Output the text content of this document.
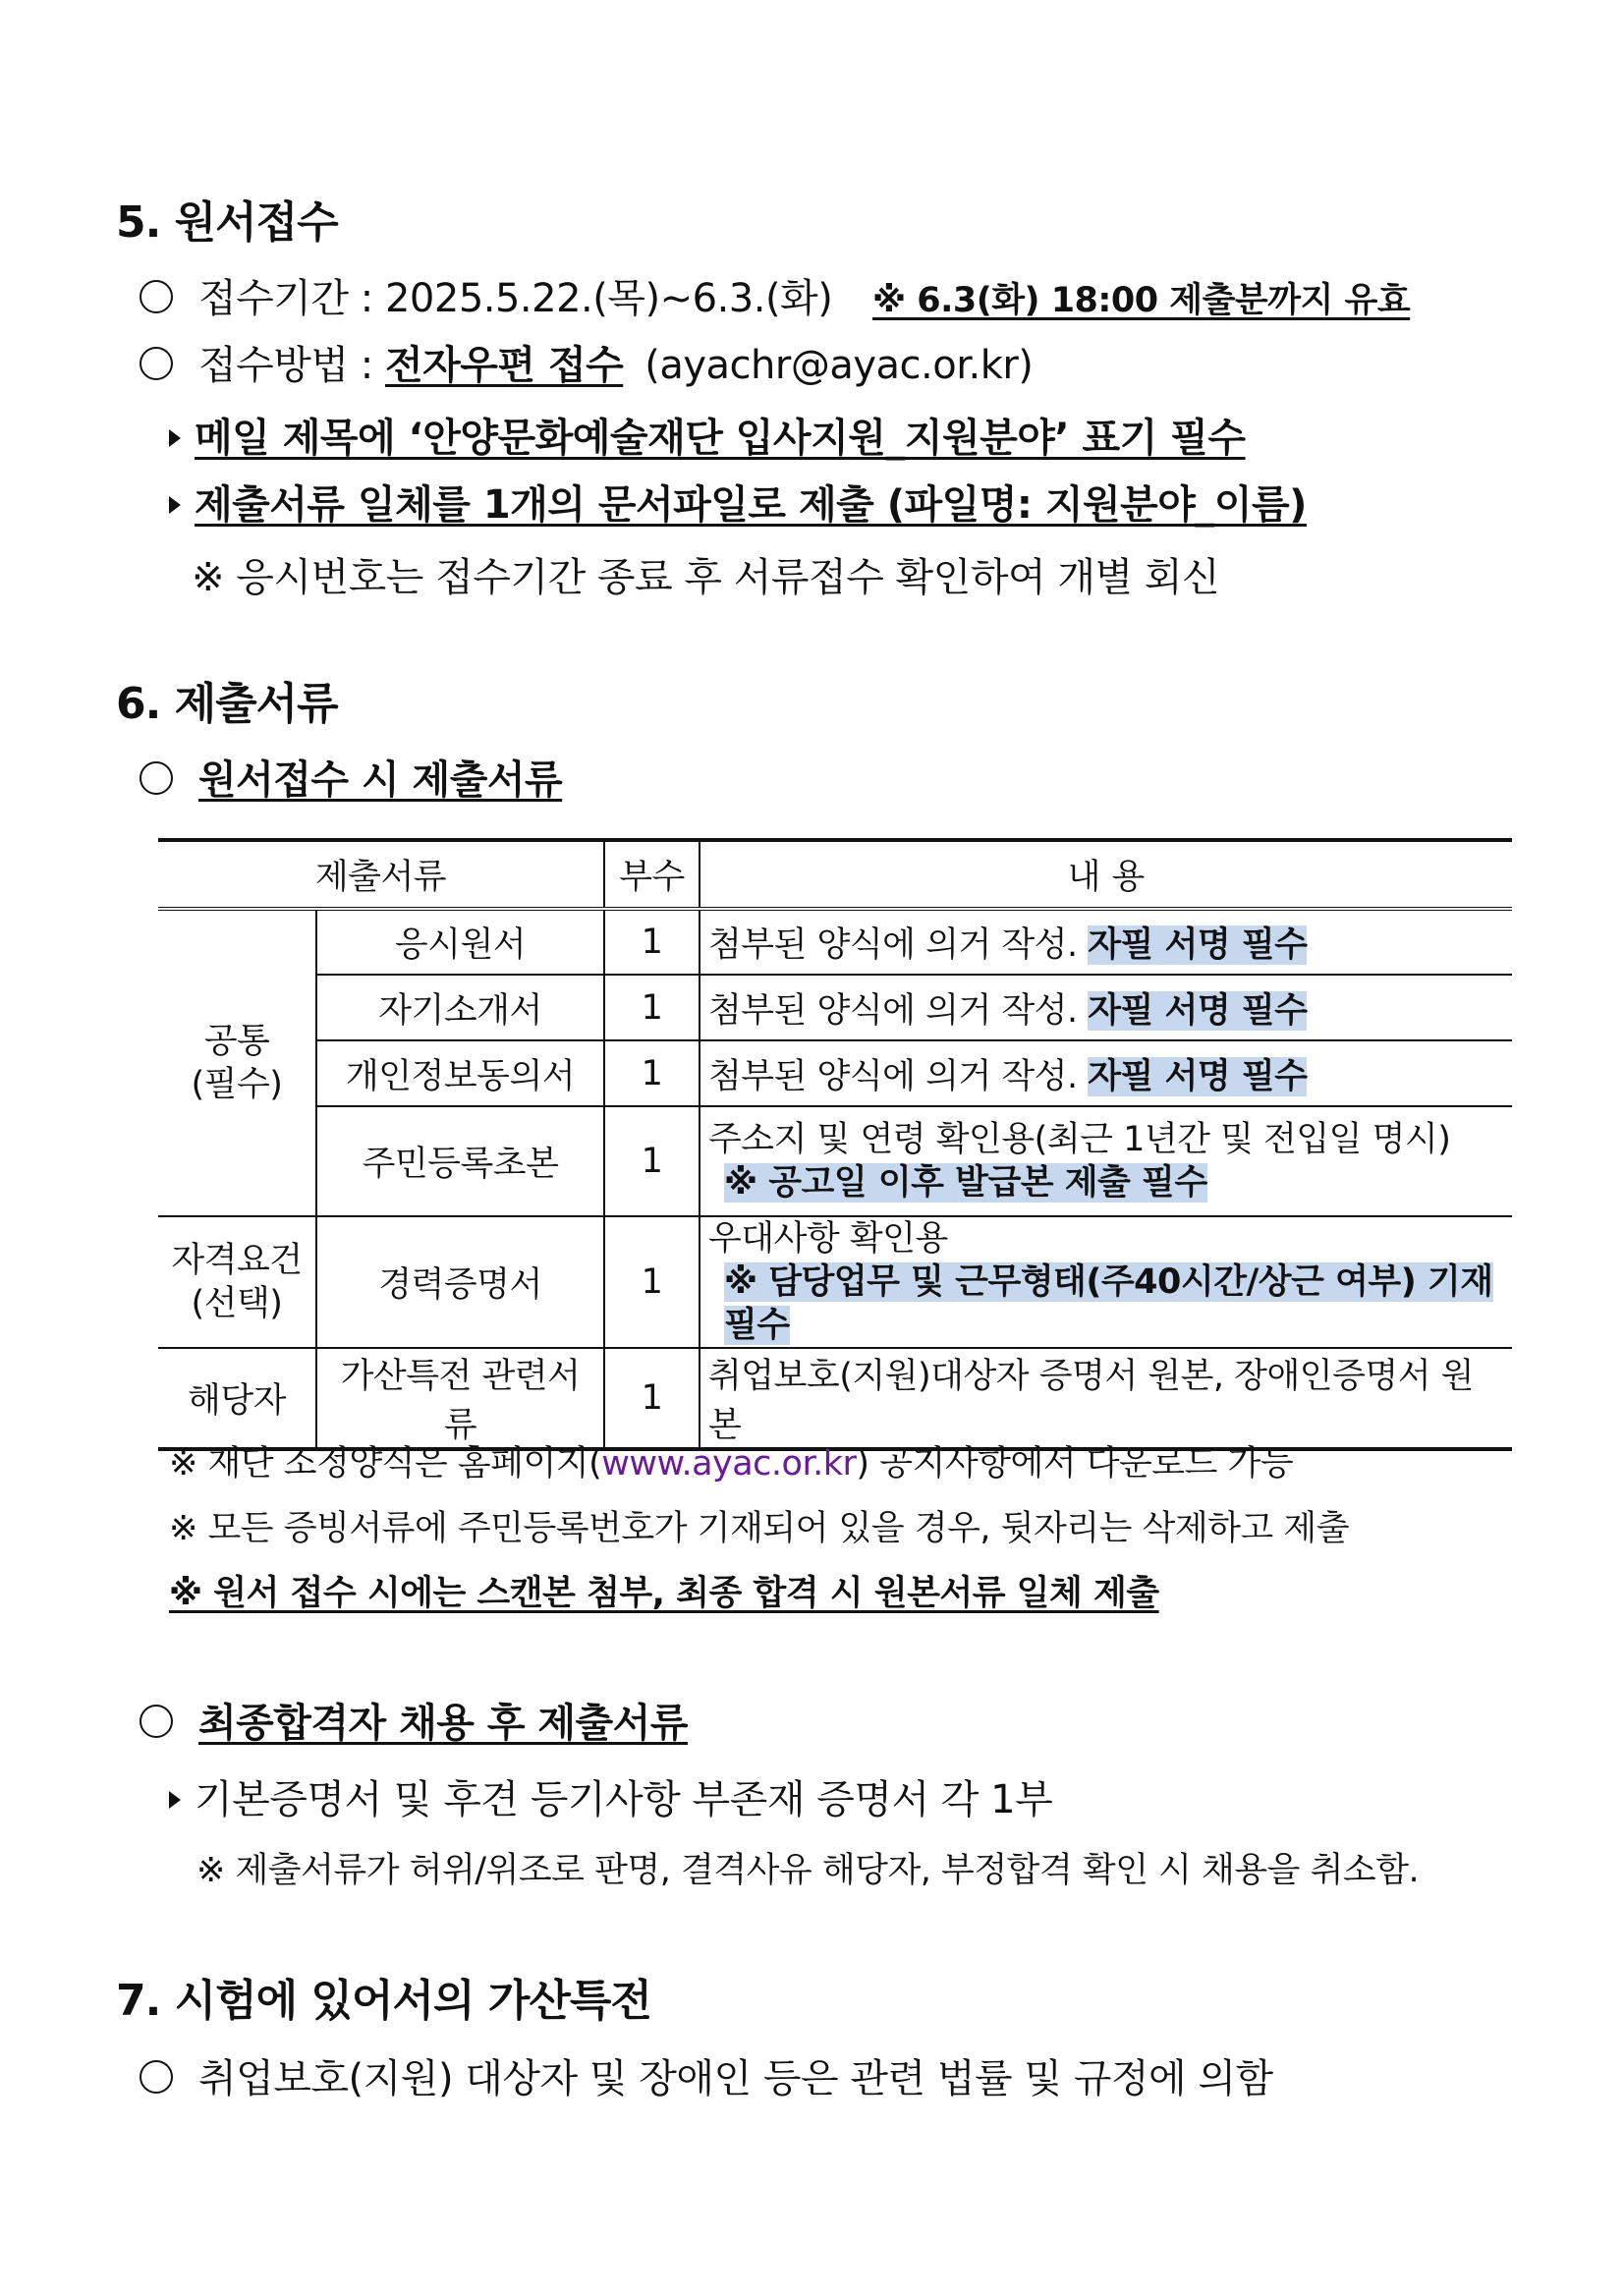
5. 원서접수
접수기간 : 2025.5.22.(목)~6.3.(화) ※ 6.3(화) 18:00 제출분까지 유효
접수방법 : 전자우편 접수 (ayachr@ayac.or.kr)
메일 제목에 ‘안양문화예술재단 입사지원_지원분야’ 표기 필수
제출서류 일체를 1개의 문서파일로 제출 (파일명: 지원분야_이름)
※ 응시번호는 접수기간 종료 후 서류접수 확인하여 개별 회신
6. 제출서류
원서접수 시 제출서류
제출서류		부수	내 용

공통
(필수)	응시원서	1	첨부된 양식에 의거 작성. 자필 서명 필수
	자기소개서	1	첨부된 양식에 의거 작성. 자필 서명 필수
	개인정보동의서	1	첨부된 양식에 의거 작성. 자필 서명 필수
	주민등록초본	1	주소지 및 연령 확인용(최근 1년간 및 전입일 명시)
※ 공고일 이후 발급본 제출 필수

자격요건
(선택)	경력증명서	1	우대사항 확인용
※ 담당업무 및 근무형태(주40시간/상근 여부) 기재 필수

해당자	가산특전 관련서류	1	취업보호(지원)대상자 증명서 원본, 장애인증명서 원본
※ 재단 소정양식은 홈페이지(www.ayac.or.kr) 공지사항에서 다운로드 가능
※ 모든 증빙서류에 주민등록번호가 기재되어 있을 경우, 뒷자리는 삭제하고 제출
※ 원서 접수 시에는 스캔본 첨부, 최종 합격 시 원본서류 일체 제출
최종합격자 채용 후 제출서류
기본증명서 및 후견 등기사항 부존재 증명서 각 1부
※ 제출서류가 허위/위조로 판명, 결격사유 해당자, 부정합격 확인 시 채용을 취소함.
7. 시험에 있어서의 가산특전
취업보호(지원) 대상자 및 장애인 등은 관련 법률 및 규정에 의함
